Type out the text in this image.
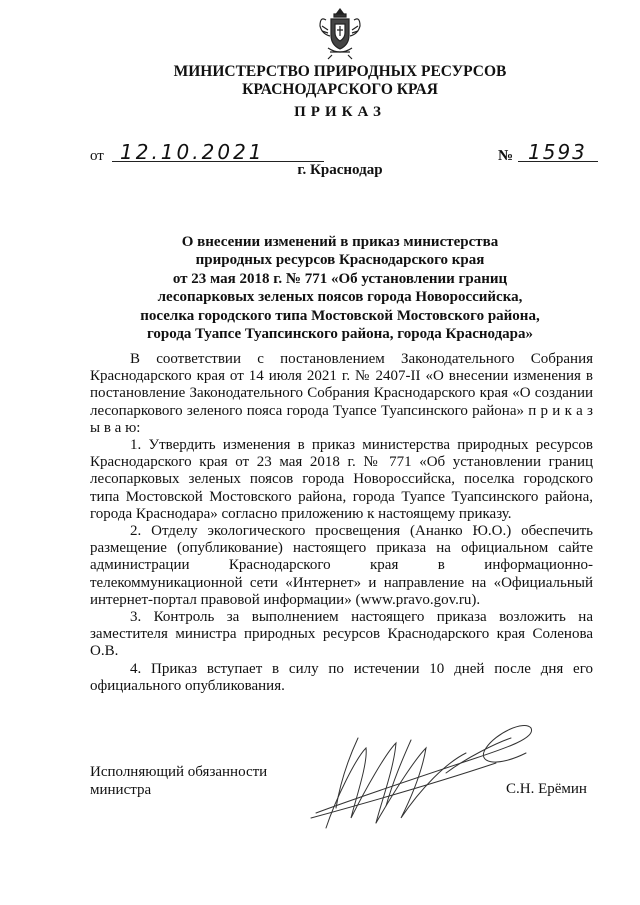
МИНИСТЕРСТВО ПРИРОДНЫХ РЕСУРСОВ
КРАСНОДАРСКОГО КРАЯ
ПРИКАЗ
от 12.10.2021	№ 1593
г. Краснодар
О внесении изменений в приказ министерства
природных ресурсов Краснодарского края
от 23 мая 2018 г. № 771 «Об установлении границ
лесопарковых зеленых поясов города Новороссийска,
поселка городского типа Мостовской Мостовского района,
города Туапсе Туапсинского района, города Краснодара»

В соответствии с постановлением Законодательного Собрания Краснодарского края от 14 июля 2021 г. № 2407-II «О внесении изменения в постановление Законодательного Собрания Краснодарского края «О создании лесопаркового зеленого пояса города Туапсе Туапсинского района» п р и к а з ы в а ю:

1. Утвердить изменения в приказ министерства природных ресурсов Краснодарского края от 23 мая 2018 г. № 771 «Об установлении границ лесопарковых зеленых поясов города Новороссийска, поселка городского типа Мостовской Мостовского района, города Туапсе Туапсинского района, города Краснодара» согласно приложению к настоящему приказу.

2. Отделу экологического просвещения (Ананко Ю.О.) обеспечить размещение (опубликование) настоящего приказа на официальном сайте администрации Краснодарского края в информационно-телекоммуникационной сети «Интернет» и направление на «Официальный интернет-портал правовой информации» (www.pravo.gov.ru).

3. Контроль за выполнением настоящего приказа возложить на заместителя министра природных ресурсов Краснодарского края Соленова О.В.

4. Приказ вступает в силу по истечении 10 дней после дня его официального опубликования.

Исполняющий обязанности
министра	С.Н. Ерёмин
